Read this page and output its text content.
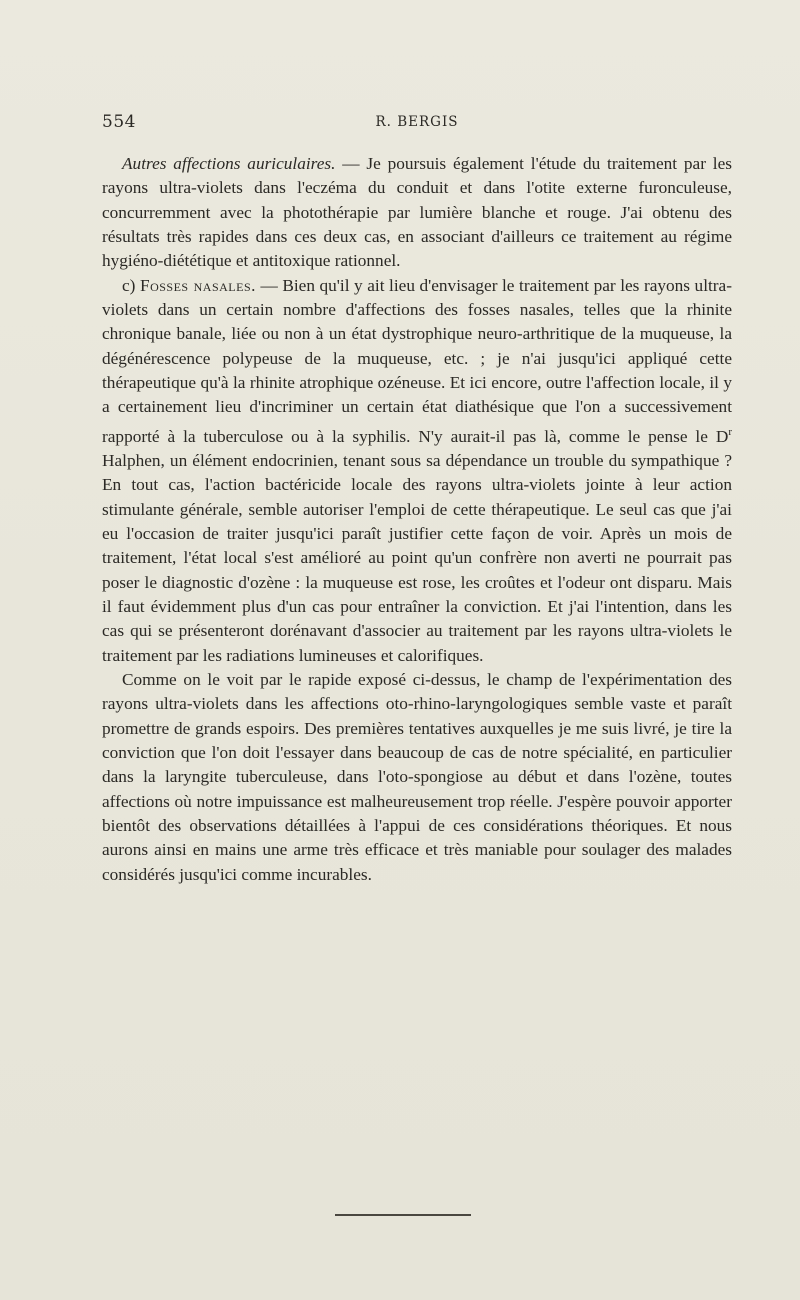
554	R. BERGIS

Autres affections auriculaires. — Je poursuis également l'étude du traitement par les rayons ultra-violets dans l'eczéma du conduit et dans l'otite externe furonculeuse, concurremment avec la photothérapie par lumière blanche et rouge. J'ai obtenu des résultats très rapides dans ces deux cas, en associant d'ailleurs ce traitement au régime hygiéno-diététique et antitoxique rationnel.

c) Fosses nasales. — Bien qu'il y ait lieu d'envisager le traitement par les rayons ultra-violets dans un certain nombre d'affections des fosses nasales, telles que la rhinite chronique banale, liée ou non à un état dystrophique neuro-arthritique de la muqueuse, la dégénérescence polypeuse de la muqueuse, etc. ; je n'ai jusqu'ici appliqué cette thérapeutique qu'à la rhinite atrophique ozéneuse. Et ici encore, outre l'affection locale, il y a certainement lieu d'incriminer un certain état diathésique que l'on a successivement rapporté à la tuberculose ou à la syphilis. N'y aurait-il pas là, comme le pense le $D^r$ Halphen, un élément endocrinien, tenant sous sa dépendance un trouble du sympathique ? En tout cas, l'action bactéricide locale des rayons ultra-violets jointe à leur action stimulante générale, semble autoriser l'emploi de cette thérapeutique. Le seul cas que j'ai eu l'occasion de traiter jusqu'ici paraît justifier cette façon de voir. Après un mois de traitement, l'état local s'est amélioré au point qu'un confrère non averti ne pourrait pas poser le diagnostic d'ozène : la muqueuse est rose, les croûtes et l'odeur ont disparu. Mais il faut évidemment plus d'un cas pour entraîner la conviction. Et j'ai l'intention, dans les cas qui se présenteront dorénavant d'associer au traitement par les rayons ultra-violets le traitement par les radiations lumineuses et calorifiques.

Comme on le voit par le rapide exposé ci-dessus, le champ de l'expérimentation des rayons ultra-violets dans les affections oto-rhino-laryngologiques semble vaste et paraît promettre de grands espoirs. Des premières tentatives auxquelles je me suis livré, je tire la conviction que l'on doit l'essayer dans beaucoup de cas de notre spécialité, en particulier dans la laryngite tuberculeuse, dans l'oto-spongiose au début et dans l'ozène, toutes affections où notre impuissance est malheureusement trop réelle. J'espère pouvoir apporter bientôt des observations détaillées à l'appui de ces considérations théoriques. Et nous aurons ainsi en mains une arme très efficace et très maniable pour soulager des malades considérés jusqu'ici comme incurables.
